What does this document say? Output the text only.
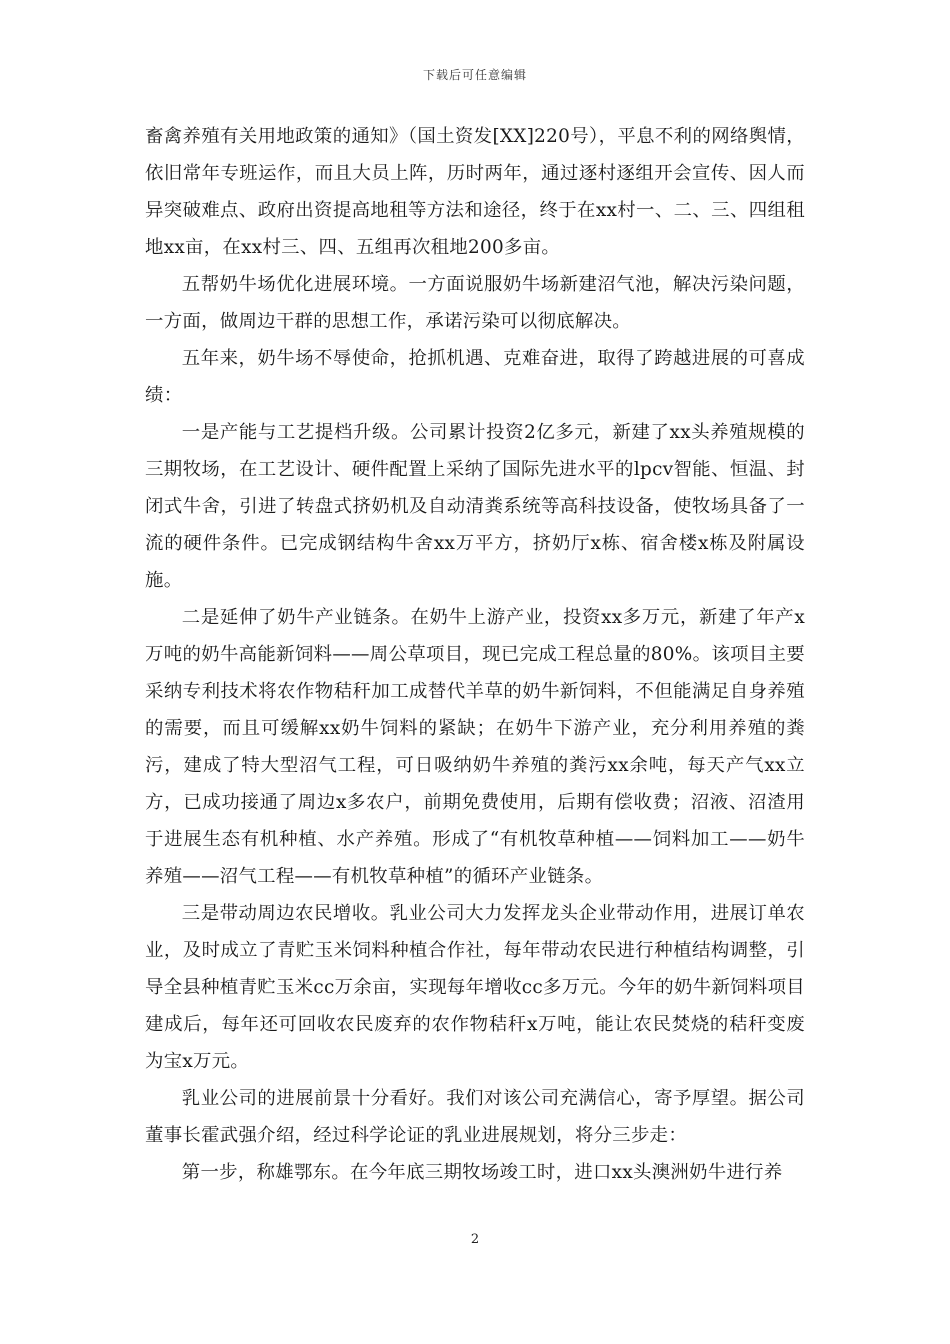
下载后可任意编辑

畜禽养殖有关用地政策的通知》（国土资发[XX]220号），平息不利的网络舆情，依旧常年专班运作，而且大员上阵，历时两年，通过逐村逐组开会宣传、因人而异突破难点、政府出资提高地租等方法和途径，终于在xx村一、二、三、四组租地xx亩，在xx村三、四、五组再次租地200多亩。

五帮奶牛场优化进展环境。一方面说服奶牛场新建沼气池，解决污染问题，一方面，做周边干群的思想工作，承诺污染可以彻底解决。

五年来，奶牛场不辱使命，抢抓机遇、克难奋进，取得了跨越进展的可喜成绩：

一是产能与工艺提档升级。公司累计投资2亿多元，新建了xx头养殖规模的三期牧场，在工艺设计、硬件配置上采纳了国际先进水平的lpcv智能、恒温、封闭式牛舍，引进了转盘式挤奶机及自动清粪系统等高科技设备，使牧场具备了一流的硬件条件。已完成钢结构牛舍xx万平方，挤奶厅x栋、宿舍楼x栋及附属设施。

二是延伸了奶牛产业链条。在奶牛上游产业，投资xx多万元，新建了年产x万吨的奶牛高能新饲料——周公草项目，现已完成工程总量的80%。该项目主要采纳专利技术将农作物秸秆加工成替代羊草的奶牛新饲料，不但能满足自身养殖的需要，而且可缓解xx奶牛饲料的紧缺；在奶牛下游产业，充分利用养殖的粪污，建成了特大型沼气工程，可日吸纳奶牛养殖的粪污xx余吨，每天产气xx立方，已成功接通了周边x多农户，前期免费使用，后期有偿收费；沼液、沼渣用于进展生态有机种植、水产养殖。形成了“有机牧草种植——饲料加工——奶牛养殖——沼气工程——有机牧草种植”的循环产业链条。

三是带动周边农民增收。乳业公司大力发挥龙头企业带动作用，进展订单农业，及时成立了青贮玉米饲料种植合作社，每年带动农民进行种植结构调整，引导全县种植青贮玉米cc万余亩，实现每年增收cc多万元。今年的奶牛新饲料项目建成后，每年还可回收农民废弃的农作物秸秆x万吨，能让农民焚烧的秸秆变废为宝x万元。

乳业公司的进展前景十分看好。我们对该公司充满信心，寄予厚望。据公司董事长霍武强介绍，经过科学论证的乳业进展规划，将分三步走：

第一步，称雄鄂东。在今年底三期牧场竣工时，进口xx头澳洲奶牛进行养

2
